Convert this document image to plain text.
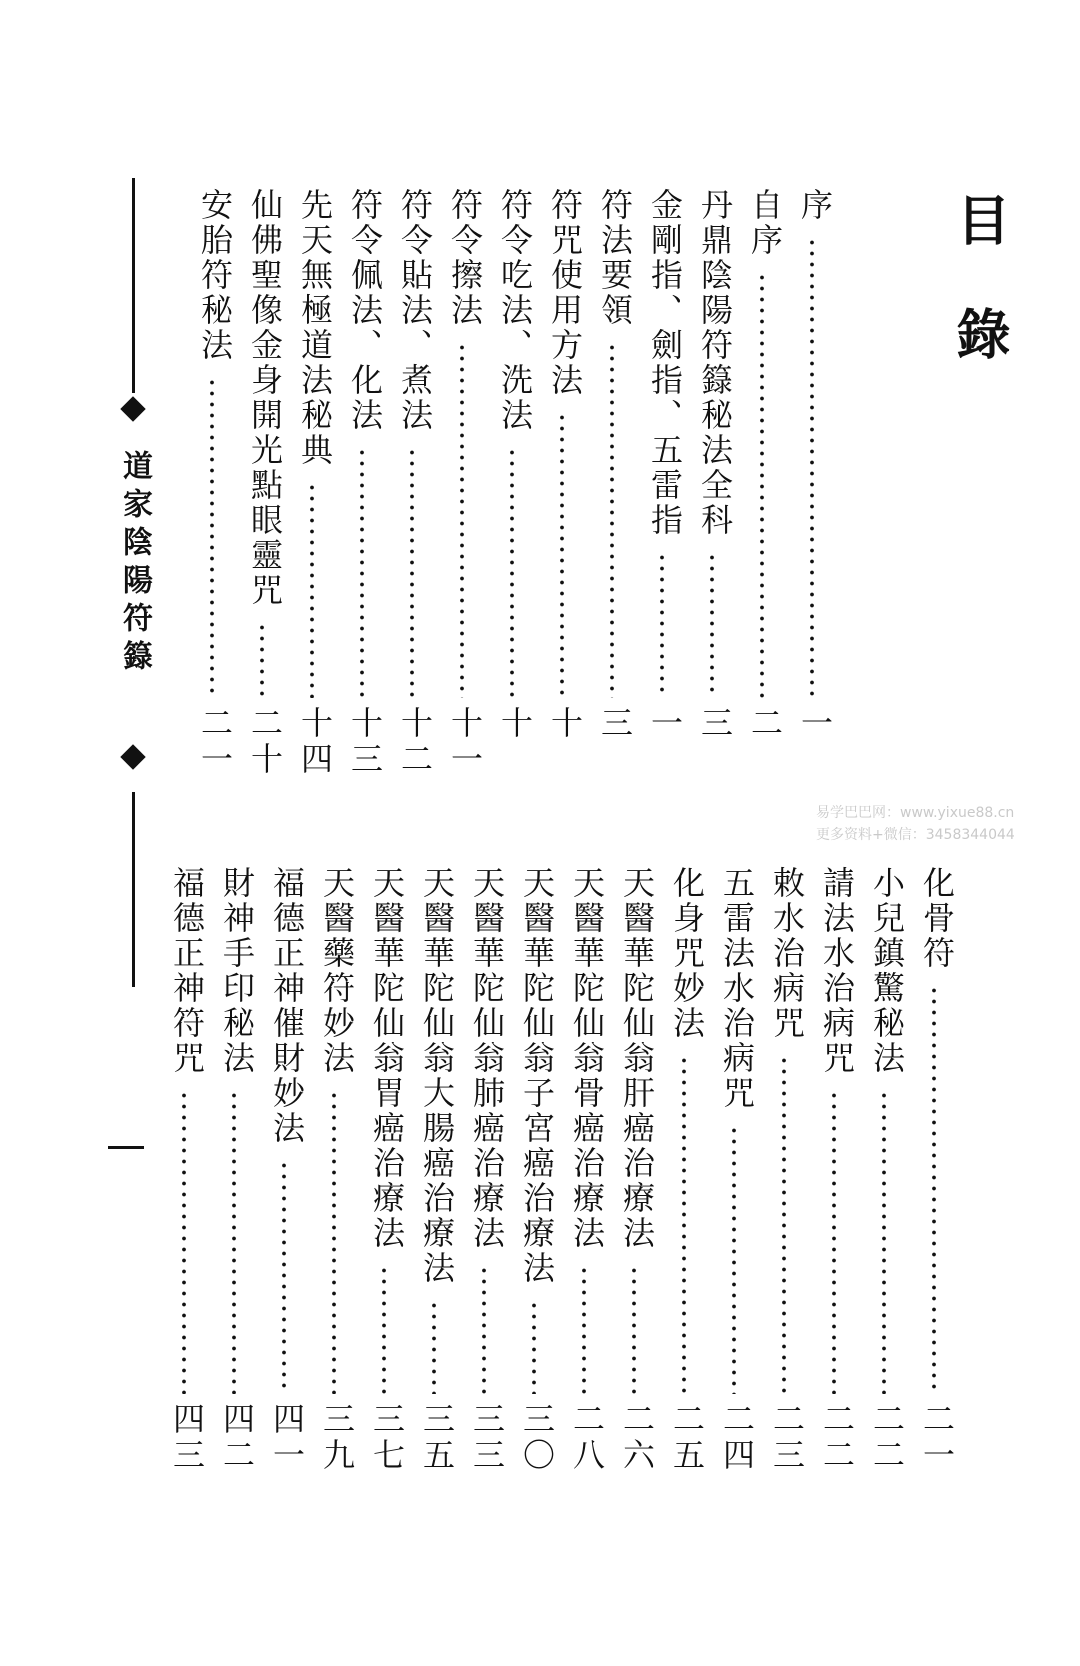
目錄
序
一
自序
二
丹鼎陰陽符籙秘法全科
三
金剛指、劍指、五雷指
一
符法要領
三
符咒使用方法
十
符令吃法、洗法
十
符令擦法
十一
符令貼法、煮法
十二
符令佩法、化法
十三
先天無極道法秘典
十四
仙佛聖像金身開光點眼靈咒
二十
安胎符秘法
二一
化骨符
二一
小兒鎮驚秘法
二二
請法水治病咒
二二
敕水治病咒
二三
五雷法水治病咒
二四
化身咒妙法
二五
天醫華陀仙翁肝癌治療法
二六
天醫華陀仙翁骨癌治療法
二八
天醫華陀仙翁子宮癌治療法
三〇
天醫華陀仙翁肺癌治療法
三三
天醫華陀仙翁大腸癌治療法
三五
天醫華陀仙翁胃癌治療法
三七
天醫藥符妙法
三九
福德正神催財妙法
四一
財神手印秘法
四二
福德正神符咒
四三
道家陰陽符籙
易学巴巴网：www.yixue88.cn
更多资料+微信：3458344044
